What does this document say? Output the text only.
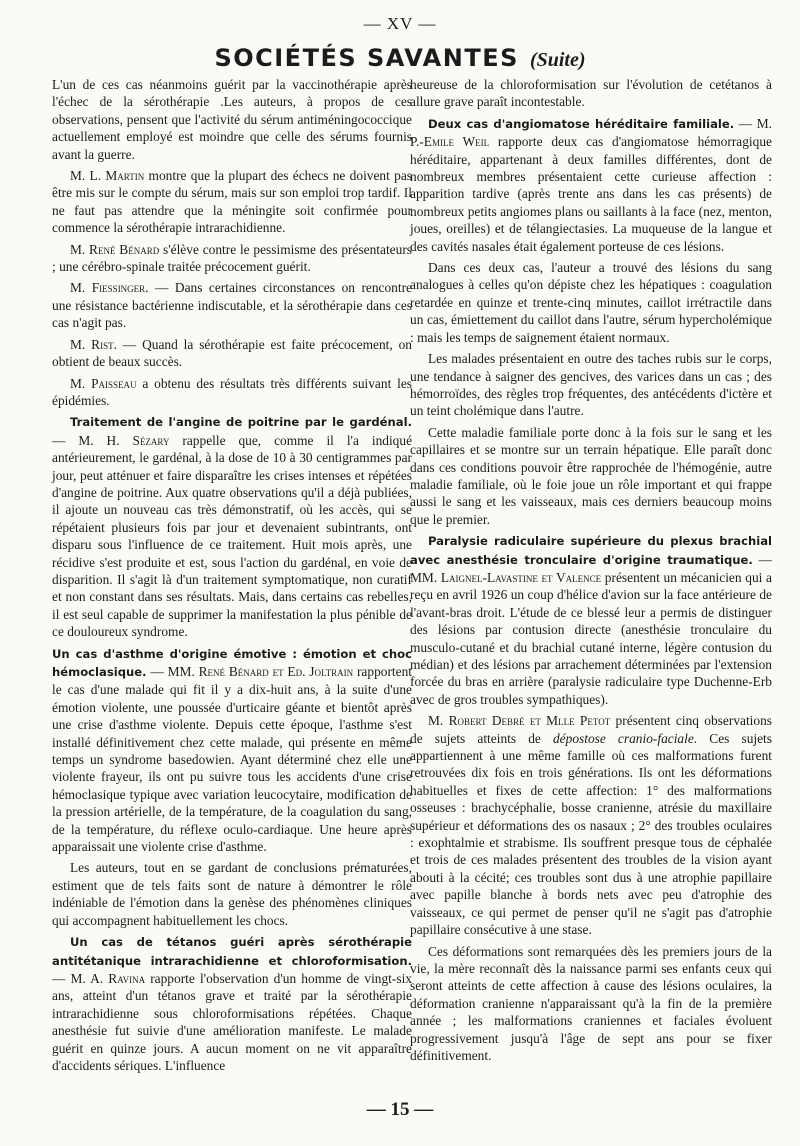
— XV —
SOCIÉTÉS SAVANTES (Suite)

L'un de ces cas néanmoins guérit par la vaccinothérapie après l'échec de la sérothérapie .Les auteurs, à propos de ces observations, pensent que l'activité du sérum antiméningococcique actuellement employé est moindre que celle des sérums fournis avant la guerre.

M. L. Martin montre que la plupart des échecs ne doivent pas être mis sur le compte du sérum, mais sur son emploi trop tardif. Il ne faut pas attendre que la méningite soit confirmée pour commence la sérothérapie intrarachidienne.

M. René Bénard s'élève contre le pessimisme des présentateurs ; une cérébro-spinale traitée précocement guérit.

M. Fiessinger. — Dans certaines circonstances on rencontre une résistance bactérienne indiscutable, et la sérothérapie dans ces cas n'agit pas.

M. Rist. — Quand la sérothérapie est faite précocement, on obtient de beaux succès.

M. Paisseau a obtenu des résultats très différents suivant les épidémies.

Traitement de l'angine de poitrine par le gardénal. — M. H. Sézary rappelle que, comme il l'a indiqué antérieurement, le gardénal, à la dose de 10 à 30 centigrammes par jour, peut atténuer et faire disparaître les crises intenses et répétées d'angine de poitrine. Aux quatre observations qu'il a déjà publiées, il ajoute un nouveau cas très démonstratif, où les accès, qui se répétaient plusieurs fois par jour et devenaient subintrants, ont disparu sous l'influence de ce traitement. Huit mois après, une récidive s'est produite et est, sous l'action du gardénal, en voie de disparition. Il s'agit là d'un traitement symptomatique, non curatif et non constant dans ses résultats. Mais, dans certains cas rebelles, il est seul capable de supprimer la manifestation la plus pénible de ce douloureux syndrome.

Un cas d'asthme d'origine émotive : émotion et choc hémoclasique. — MM. René Bénard et Ed. Joltrain rapportent le cas d'une malade qui fit il y a dix-huit ans, à la suite d'une émotion violente, une poussée d'urticaire géante et bientôt après une crise d'asthme violente. Depuis cette époque, l'asthme s'est installé définitivement chez cette malade, qui présente en même temps un syndrome basedowien. Ayant déterminé chez elle une violente frayeur, ils ont pu suivre tous les accidents d'une crise hémoclasique typique avec variation leucocytaire, modification de la pression artérielle, de la température, de la coagulation du sang, de la température, du réflexe oculo-cardiaque. Une heure après apparaissait une violente crise d'asthme.

Les auteurs, tout en se gardant de conclusions prématurées, estiment que de tels faits sont de nature à démontrer le rôle indéniable de l'émotion dans la genèse des phénomènes cliniques qui accompagnent habituellement les chocs.

Un cas de tétanos guéri après sérothérapie antitétanique intrarachidienne et chloroformisation. — M. A. Ravina rapporte l'observation d'un homme de vingt-six ans, atteint d'un tétanos grave et traité par la sérothérapie intrarachidienne sous chloroformisations répétées. Chaque anesthésie fut suivie d'une amélioration manifeste. Le malade guérit en quinze jours. A aucun moment on ne vit apparaître d'accidents sériques. L'influence

heureuse de la chloroformisation sur l'évolution de cetétanos à allure grave paraît incontestable.

Deux cas d'angiomatose héréditaire familiale. — M. P.-Emile Weil rapporte deux cas d'angiomatose hémorragique héréditaire, appartenant à deux familles différentes, dont de nombreux membres présentaient cette curieuse affection : apparition tardive (après trente ans dans les cas présents) de nombreux petits angiomes plans ou saillants à la face (nez, menton, joues, oreilles) et de télangiectasies. La muqueuse de la langue et des cavités nasales était également porteuse de ces lésions.

Dans ces deux cas, l'auteur a trouvé des lésions du sang analogues à celles qu'on dépiste chez les hépatiques : coagulation retardée en quinze et trente-cinq minutes, caillot irrétractile dans un cas, émiettement du caillot dans l'autre, sérum hypercholémique : mais les temps de saignement étaient normaux.

Les malades présentaient en outre des taches rubis sur le corps, une tendance à saigner des gencives, des varices dans un cas ; des hémorroïdes, des règles trop fréquentes, des antécédents d'ictère et un teint cholémique dans l'autre.

Cette maladie familiale porte donc à la fois sur le sang et les capillaires et se montre sur un terrain hépatique. Elle paraît donc dans ces conditions pouvoir être rapprochée de l'hémogénie, autre maladie familiale, où le foie joue un rôle important et qui frappe aussi le sang et les vaisseaux, mais ces derniers beaucoup moins que le premier.

Paralysie radiculaire supérieure du plexus brachial avec anesthésie tronculaire d'origine traumatique. — MM. Laignel-Lavastine et Valence présentent un mécanicien qui a reçu en avril 1926 un coup d'hélice d'avion sur la face antérieure de l'avant-bras droit. L'étude de ce blessé leur a permis de distinguer des lésions par contusion directe (anesthésie tronculaire du musculo-cutané et du brachial cutané interne, légère contusion du médian) et des lésions par arrachement déterminées par l'extension forcée du bras en arrière (paralysie radiculaire type Duchenne-Erb avec de gros troubles sympathiques).

M. Robert Debré et Mlle Petot présentent cinq observations de sujets atteints de dépostose cranio-faciale. Ces sujets appartiennent à une même famille où ces malformations furent retrouvées dix fois en trois générations. Ils ont les déformations habituelles et fixes de cette affection: 1° des malformations osseuses : brachycéphalie, bosse cranienne, atrésie du maxillaire supérieur et déformations des os nasaux ; 2° des troubles oculaires : exophtalmie et strabisme. Ils souffrent presque tous de céphalée et trois de ces malades présentent des troubles de la vision ayant abouti à la cécité; ces troubles sont dus à une atrophie papillaire avec papille blanche à bords nets avec peu d'atrophie des vaisseaux, ce qui permet de penser qu'il ne s'agit pas d'atrophie papillaire consécutive à une stase.

Ces déformations sont remarquées dès les premiers jours de la vie, la mère reconnaît dès la naissance parmi ses enfants ceux qui seront atteints de cette affection à cause des lésions oculaires, la déformation cranienne n'apparaissant qu'à la fin de la première année ; les malformations craniennes et faciales évoluent progressivement jusqu'à l'âge de sept ans pour se fixer définitivement.

— 15 —
